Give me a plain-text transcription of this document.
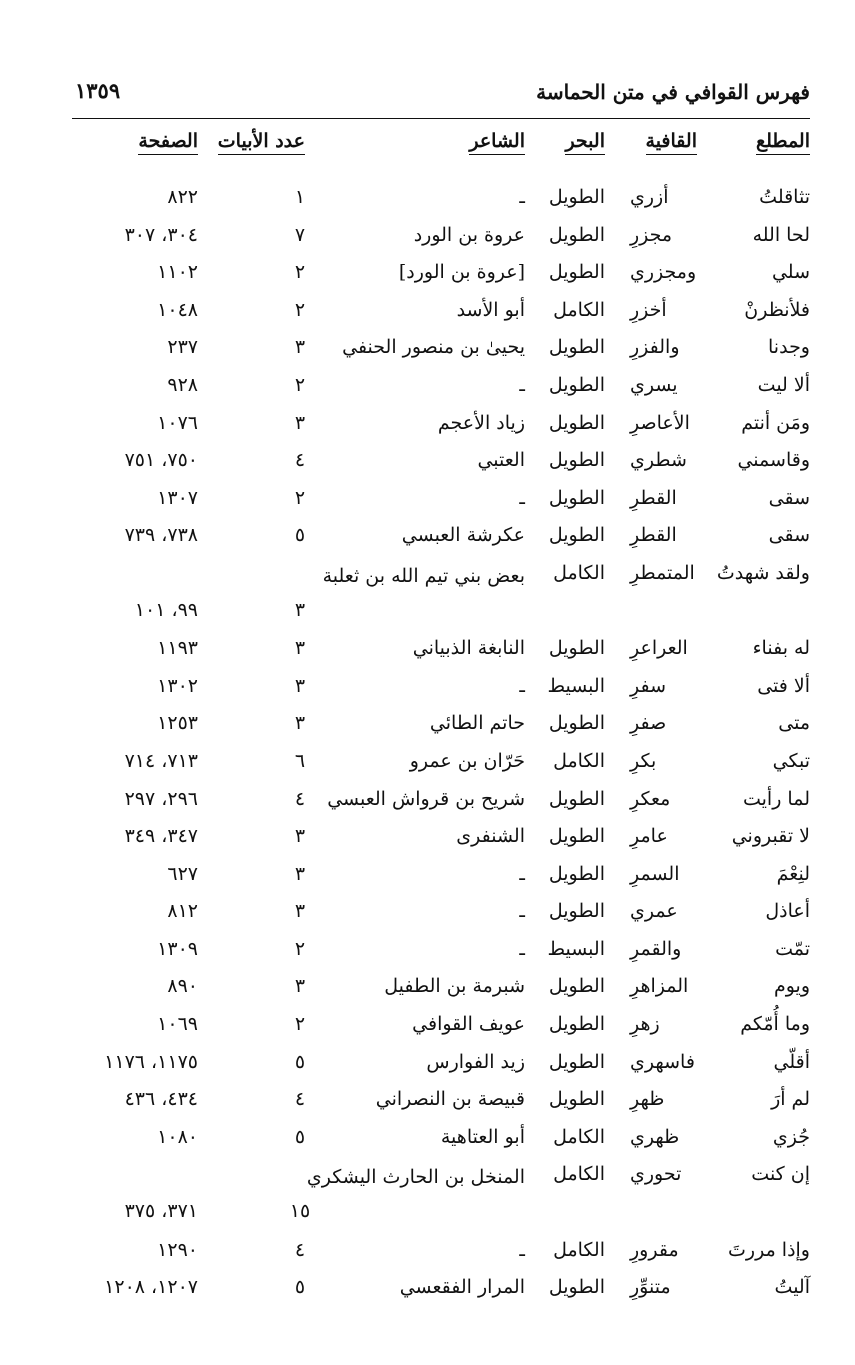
فهرس القوافي في متن الحماسة
١٣٥٩
المطلع
القافية
البحر
الشاعر
عدد الأبيات
الصفحة
تثاقلتُ
أزري
الطويل
ـ
١
٨٢٢
لحا الله
مجزرِ
الطويل
عروة بن الورد
٧
٣٠٤، ٣٠٧
سلي
ومجزري
الطويل
[عروة بن الورد]
٢
١١٠٢
فلأنظرنْ
أخزرِ
الكامل
أبو الأسد
٢
١٠٤٨
وجدنا
والفزرِ
الطويل
يحيىٰ بن منصور الحنفي
٣
٢٣٧
ألا ليت
يسري
الطويل
ـ
٢
٩٢٨
ومَن أنتم
الأعاصرِ
الطويل
زياد الأعجم
٣
١٠٧٦
وقاسمني
شطري
الطويل
العتبي
٤
٧٥٠، ٧٥١
سقى
القطرِ
الطويل
ـ
٢
١٣٠٧
سقى
القطرِ
الطويل
عكرشة العبسي
٥
٧٣٨، ٧٣٩
ولقد شهدتُ
المتمطرِ
الكامل
بعض بني تيم الله بن ثعلبة
٣
٩٩، ١٠١
له بفناء
العراعرِ
الطويل
النابغة الذبياني
٣
١١٩٣
ألا فتى
سفرِ
البسيط
ـ
٣
١٣٠٢
متى
صفرِ
الطويل
حاتم الطائي
٣
١٢٥٣
تبكي
بكرِ
الكامل
حَرّان بن عمرو
٦
٧١٣، ٧١٤
لما رأيت
معكرِ
الطويل
شريح بن قرواش العبسي
٤
٢٩٦، ٢٩٧
لا تقبروني
عامرِ
الطويل
الشنفرى
٣
٣٤٧، ٣٤٩
لنِعْمَ
السمرِ
الطويل
ـ
٣
٦٢٧
أعاذل
عمري
الطويل
ـ
٣
٨١٢
تمّت
والقمرِ
البسيط
ـ
٢
١٣٠٩
ويوم
المزاهرِ
الطويل
شبرمة بن الطفيل
٣
٨٩٠
وما أُمّكم
زهرِ
الطويل
عويف القوافي
٢
١٠٦٩
أقلّي
فاسهري
الطويل
زيد الفوارس
٥
١١٧٥، ١١٧٦
لم أرَ
ظهرِ
الطويل
قبيصة بن النصراني
٤
٤٣٤، ٤٣٦
جُزي
ظهري
الكامل
أبو العتاهية
٥
١٠٨٠
إن كنت
تحوري
الكامل
المنخل بن الحارث اليشكري
١٥
٣٧١، ٣٧٥
وإذا مررتَ
مقرورِ
الكامل
ـ
٤
١٢٩٠
آليتُ
متنوِّرِ
الطويل
المرار الفقعسي
٥
١٢٠٧، ١٢٠٨
